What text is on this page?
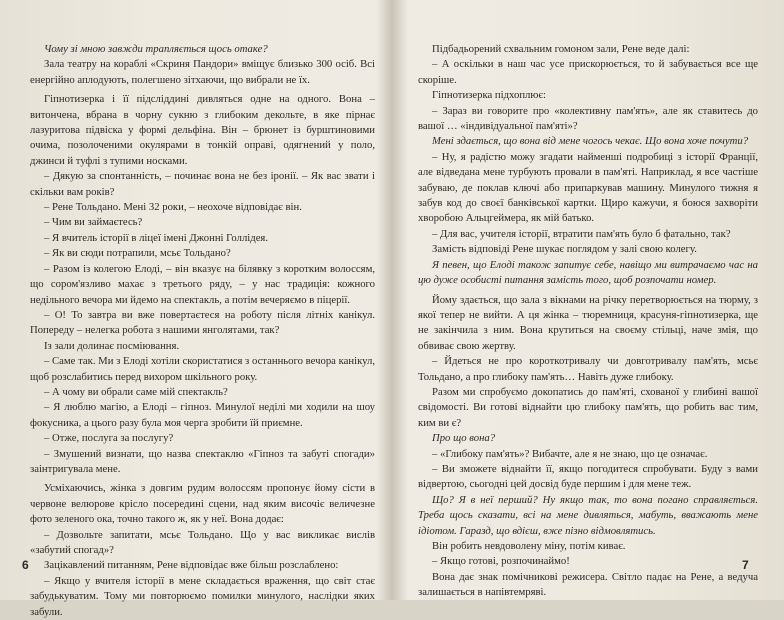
Чому зі мною завжди трапляється щось отаке?

Зала театру на кораблі «Скриня Пандори» вміщує близько 300 осіб. Всі енергійно аплодують, полегшено зітхаючи, що вибрали не їх.

Гіпнотизерка і її підсліддині дивляться одне на одного. Вона – витончена, вбрана в чорну сукню з глибоким декольте, в яке пірнає лазуритова підвіска у формі дельфіна. Він – брюнет із бурштиновими очима, позолоченими окулярами в тонкій оправі, одягнений у поло, джинси й туфлі з тупими носками.

– Дякую за спонтанність, – починає вона не без іронії. – Як вас звати і скільки вам років?

– Рене Тольдано. Мені 32 роки, – неохоче відповідає він.

– Чим ви займаєтесь?

– Я вчитель історії в ліцеї імені Джонні Голлідея.

– Як ви сюди потрапили, мсьє Тольдано?

– Разом із колегою Елоді, – він вказує на білявку з коротким волоссям, що сором'язливо махає з третього ряду, – у нас традиція: кожного недільного вечора ми йдемо на спектакль, а потім вечеряємо в піцерії.

– О! То завтра ви вже повертаєтеся на роботу після літніх канікул. Попереду – нелегка робота з нашими янголятами, так?

Із зали долинає посміювання.

– Саме так. Ми з Елоді хотіли скористатися з останнього вечора канікул, щоб розслабитись перед вихором шкільного року.

– А чому ви обрали саме мій спектакль?

– Я люблю магію, а Елоді – гіпноз. Минулої неділі ми ходили на шоу фокусника, а цього разу була моя черга зробити їй приємне.

– Отже, послуга за послугу?

– Змушений визнати, що назва спектаклю «Гіпноз та забуті спогади» заінтригувала мене.

Усміхаючись, жінка з довгим рудим волоссям пропонує йому сісти в червоне велюрове крісло посередині сцени, над яким височіє величезне фото зеленого ока, точно такого ж, як у неї. Вона додає:

– Дозвольте запитати, мсьє Тольдано. Що у вас викликає вислів «забутий спогад»?

Зацікавлений питанням, Рене відповідає вже більш розслаблено:

– Якщо у вчителя історії в мене складається враження, що світ стає забудькуватим. Тому ми повторюємо помилки минулого, наслідки яких забули.

Підбадьорений схвальним гомоном зали, Рене веде далі:

– А оскільки в наш час усе прискорюється, то й забувається все ще скоріше.

Гіпнотизерка підхоплює:

– Зараз ви говорите про «колективну пам'ять», але як ставитесь до вашої … «індивідуальної пам'яті»?

Мені здається, що вона від мене чогось чекає. Що вона хоче почути?

– Ну, я радістю можу згадати найменші подробиці з історії Франції, але відведана мене турбують провали в пам'яті. Наприклад, я все частіше забуваю, де поклав ключі або припаркував машину. Минулого тижня я забув код до своєї банківської картки. Щиро кажучи, я боюся захворіти хворобою Альцгеймера, як мій батько.

– Для вас, учителя історії, втратити пам'ять було б фатально, так?

Замість відповіді Рене шукає поглядом у залі свою колегу.

Я певен, що Елоді також запитує себе, навіщо ми витрачаємо час на цю дуже особисті питання замість того, щоб розпочати номер.

Йому здається, що зала з вікнами на річку перетворюється на тюрму, з якої тепер не вийти. А ця жінка – тюремниця, красуня-гіпнотизерка, ще не закінчила з ним. Вона крутиться на своєму стільці, наче змія, що обвиває свою жертву.

– Йдеться не про короткотривалу чи довготривалу пам'ять, мсьє Тольдано, а про глибоку пам'ять… Навіть дуже глибоку.

Разом ми спробуємо докопатись до пам'яті, схованої у глибині вашої свідомості. Ви готові віднайти цю глибоку пам'ять, що робить вас тим, ким ви є?

Про що вона?

– «Глибоку пам'ять»? Вибачте, але я не знаю, що це означає.

– Ви зможете віднайти її, якщо погодитеся спробувати. Буду з вами відвертою, сьогодні цей досвід буде першим і для мене теж.

Що? Я в неї перший? Ну якщо так, то вона погано справляється. Треба щось сказати, всі на мене дивляться, мабуть, вважають мене ідіотом. Гаразд, що вдієш, вже пізно відмовлятись.

Він робить невдоволену міну, потім киває.

– Якщо готові, розпочинаймо!

Вона дає знак помічникові режисера. Світло падає на Рене, а ведуча залишається в напівтемряві.

6	7
